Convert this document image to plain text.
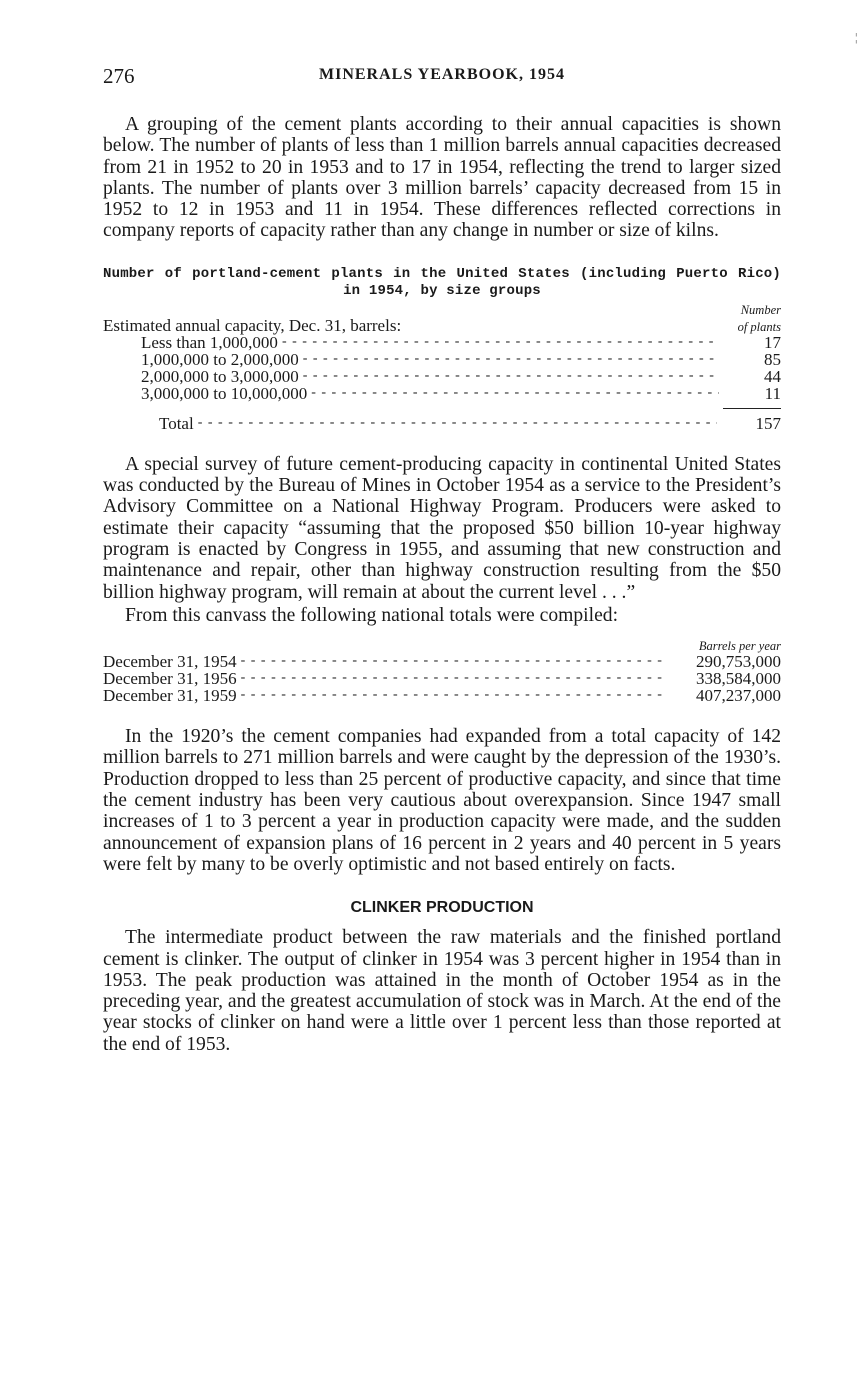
¦
276	MINERALS YEARBOOK, 1954

A grouping of the cement plants according to their annual capacities is shown below. The number of plants of less than 1 million barrels annual capacities decreased from 21 in 1952 to 20 in 1953 and to 17 in 1954, reflecting the trend to larger sized plants. The number of plants over 3 million barrels’ capacity decreased from 15 in 1952 to 12 in 1953 and 11 in 1954. These differences reflected corrections in company reports of capacity rather than any change in number or size of kilns.

Number of portland-cement plants in the United States (including Puerto Rico)
in 1954, by size groups
Number
Estimated annual capacity, Dec. 31, barrels:	of plants
Less than 1,000,000 - - -	17
1,000,000 to 2,000,000 - - -	85
2,000,000 to 3,000,000 - - -	44
3,000,000 to 10,000,000 - - -	11
Total - - -	157

A special survey of future cement-producing capacity in continental United States was conducted by the Bureau of Mines in October 1954 as a service to the President’s Advisory Committee on a National Highway Program. Producers were asked to estimate their capacity “assuming that the proposed $50 billion 10-year highway program is enacted by Congress in 1955, and assuming that new construction and maintenance and repair, other than highway construction resulting from the $50 billion highway program, will remain at about the current level . . .”

From this canvass the following national totals were compiled:

Barrels per year
December 31, 1954 - - -	290,753,000
December 31, 1956 - - -	338,584,000
December 31, 1959 - - -	407,237,000

In the 1920’s the cement companies had expanded from a total capacity of 142 million barrels to 271 million barrels and were caught by the depression of the 1930’s. Production dropped to less than 25 percent of productive capacity, and since that time the cement industry has been very cautious about overexpansion. Since 1947 small increases of 1 to 3 percent a year in production capacity were made, and the sudden announcement of expansion plans of 16 percent in 2 years and 40 percent in 5 years were felt by many to be overly optimistic and not based entirely on facts.

CLINKER PRODUCTION

The intermediate product between the raw materials and the finished portland cement is clinker. The output of clinker in 1954 was 3 percent higher in 1954 than in 1953. The peak production was attained in the month of October 1954 as in the preceding year, and the greatest accumulation of stock was in March. At the end of the year stocks of clinker on hand were a little over 1 percent less than those reported at the end of 1953.
